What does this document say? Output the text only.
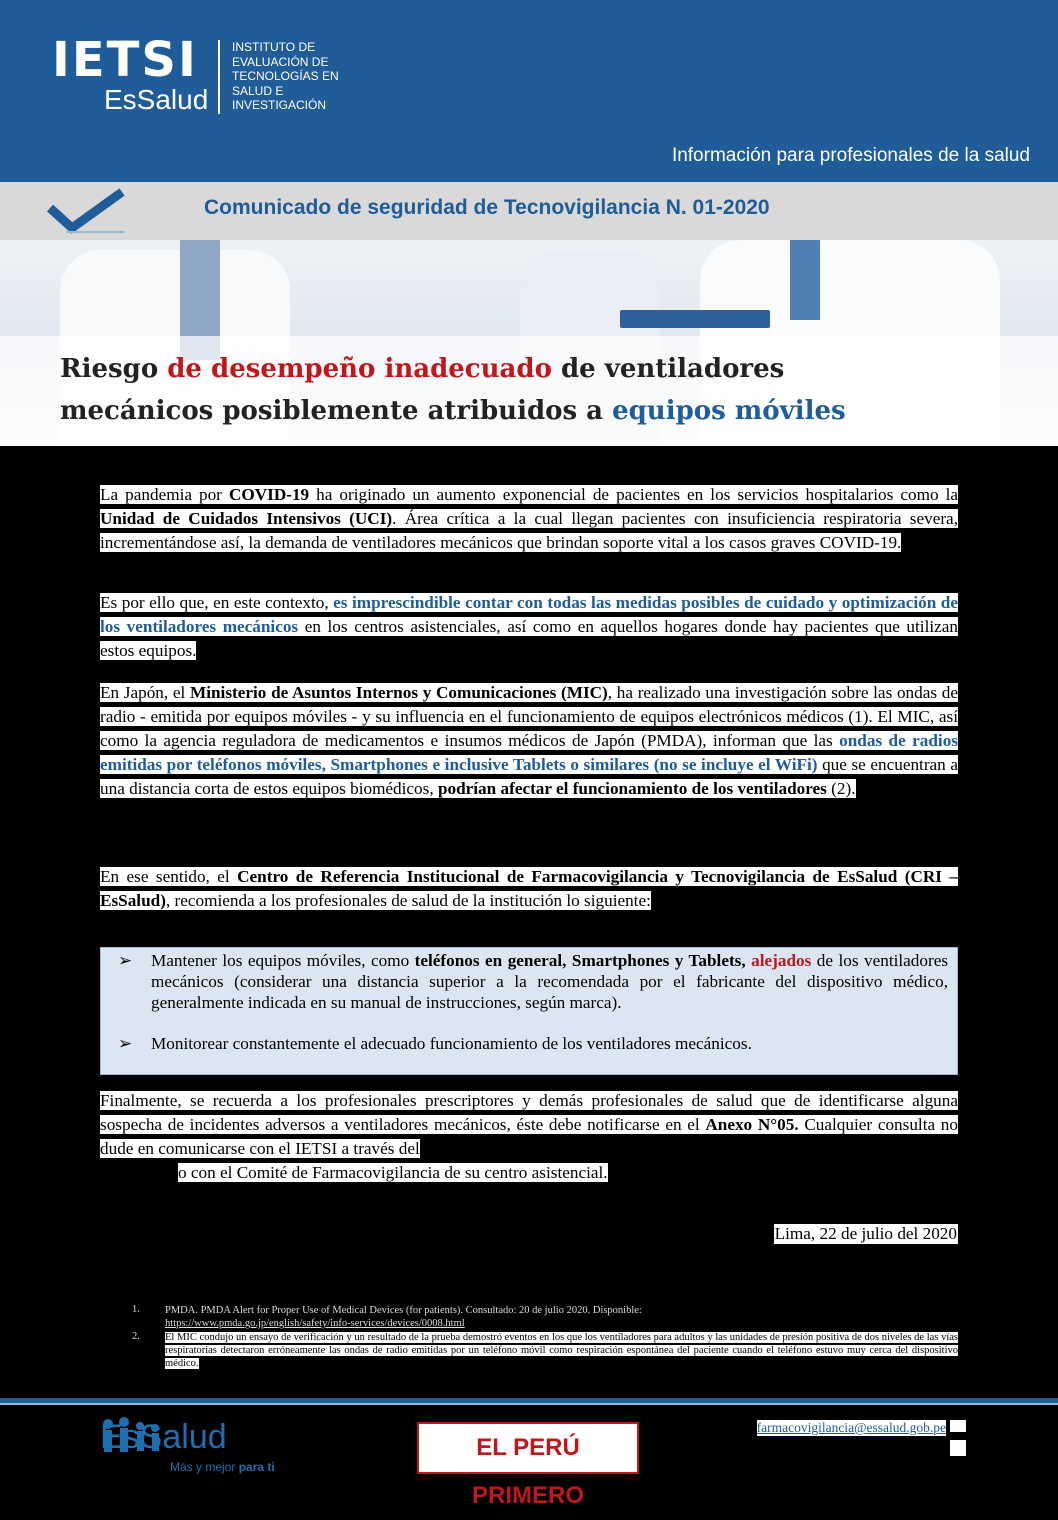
IETSI
EsSalud
INSTITUTO DE
EVALUACIÓN DE
TECNOLOGÍAS EN
SALUD E
INVESTIGACIÓN
Información para profesionales de la salud
Comunicado de seguridad de Tecnovigilancia N. 01-2020
Riesgo de desempeño inadecuado de ventiladores
mecánicos posiblemente atribuidos a equipos móviles
La pandemia por COVID-19 ha originado un aumento exponencial de pacientes en los servicios hospitalarios como la Unidad de Cuidados Intensivos (UCI). Área crítica a la cual llegan pacientes con insuficiencia respiratoria severa, incrementándose así, la demanda de ventiladores mecánicos que brindan soporte vital a los casos graves COVID-19.
Es por ello que, en este contexto, es imprescindible contar con todas las medidas posibles de cuidado y optimización de los ventiladores mecánicos en los centros asistenciales, así como en aquellos hogares donde hay pacientes que utilizan estos equipos.
En Japón, el Ministerio de Asuntos Internos y Comunicaciones (MIC), ha realizado una investigación sobre las ondas de radio - emitida por equipos móviles - y su influencia en el funcionamiento de equipos electrónicos médicos (1). El MIC, así como la agencia reguladora de medicamentos e insumos médicos de Japón (PMDA), informan que las ondas de radios emitidas por teléfonos móviles, Smartphones e inclusive Tablets o similares (no se incluye el WiFi) que se encuentran a una distancia corta de estos equipos biomédicos, podrían afectar el funcionamiento de los ventiladores (2).
En ese sentido, el Centro de Referencia Institucional de Farmacovigilancia y Tecnovigilancia de EsSalud (CRI – EsSalud), recomienda a los profesionales de salud de la institución lo siguiente:
➢ Mantener los equipos móviles, como teléfonos en general, Smartphones y Tablets, alejados de los ventiladores mecánicos (considerar una distancia superior a la recomendada por el fabricante del dispositivo médico, generalmente indicada en su manual de instrucciones, según marca).
➢ Monitorear constantemente el adecuado funcionamiento de los ventiladores mecánicos.
Finalmente, se recuerda a los profesionales prescriptores y demás profesionales de salud que de identificarse alguna sospecha de incidentes adversos a ventiladores mecánicos, éste debe notificarse en el Anexo N°05. Cualquier consulta no dude en comunicarse con el IETSI a través del
o con el Comité de Farmacovigilancia de su centro asistencial.
Lima, 22 de julio del 2020
1. PMDA. PMDA Alert for Proper Use of Medical Devices (for patients). Consultado: 20 de julio 2020. Disponible:
https://www.pmda.go.jp/english/safety/info-services/devices/0008.html
2. El MIC condujo un ensayo de verificación y un resultado de la prueba demostró eventos en los que los ventiladores para adultos y las unidades de presión positiva de dos niveles de las vías respiratorias detectaron erróneamente las ondas de radio emitidas por un teléfono móvil como respiración espontánea del paciente cuando el teléfono estuvo muy cerca del dispositivo médico.
EsSalud
Más y mejor para ti
EL PERÚ PRIMERO
farmacovigilancia@essalud.gob.pe
